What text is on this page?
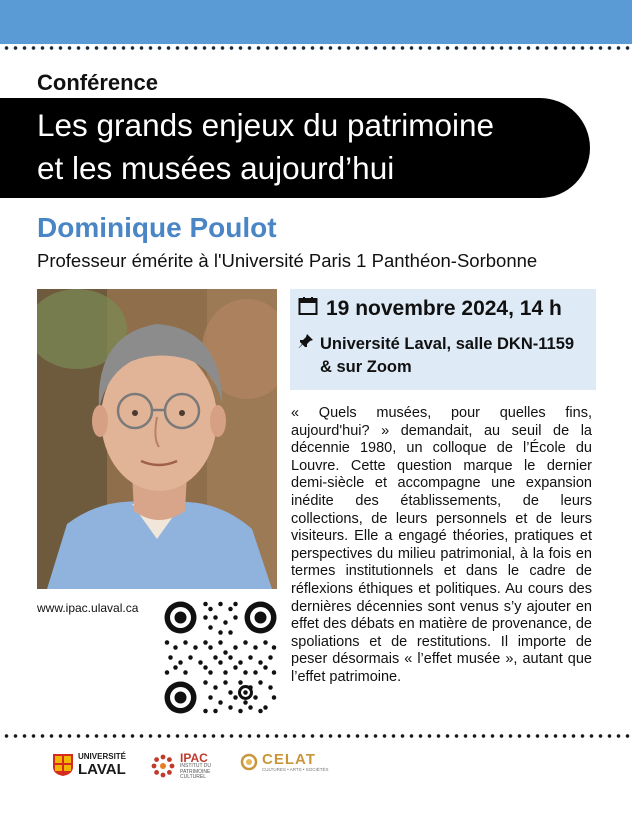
Conférence
Les grands enjeux du patrimoine
et les musées aujourd’hui
Dominique Poulot
Professeur émérite à l'Université Paris 1 Panthéon-Sorbonne
www.ipac.ulaval.ca
19 novembre 2024, 14 h
Université Laval, salle DKN-1159
& sur Zoom
« Quels musées, pour quelles fins, aujourd'hui? » demandait, au seuil de la décennie 1980, un colloque de l’École du Louvre. Cette question marque le dernier demi-siècle et accompagne une expansion inédite des établissements, de leurs collections, de leurs personnels et de leurs visiteurs. Elle a engagé théories, pratiques et perspectives du milieu patrimonial, à la fois en termes institutionnels et dans le cadre de réflexions éthiques et politiques. Au cours des dernières décennies sont venus s’y ajouter en effet des débats en matière de provenance, de spoliations et de restitutions. Il importe de peser désormais « l’effet musée », autant que l’effet patrimoine.
UNIVERSITÉ
LAVAL
IPAC
INSTITUT DU
PATRIMOINE
CULTUREL
CELAT
CULTURES • ARTS • SOCIÉTÉS
